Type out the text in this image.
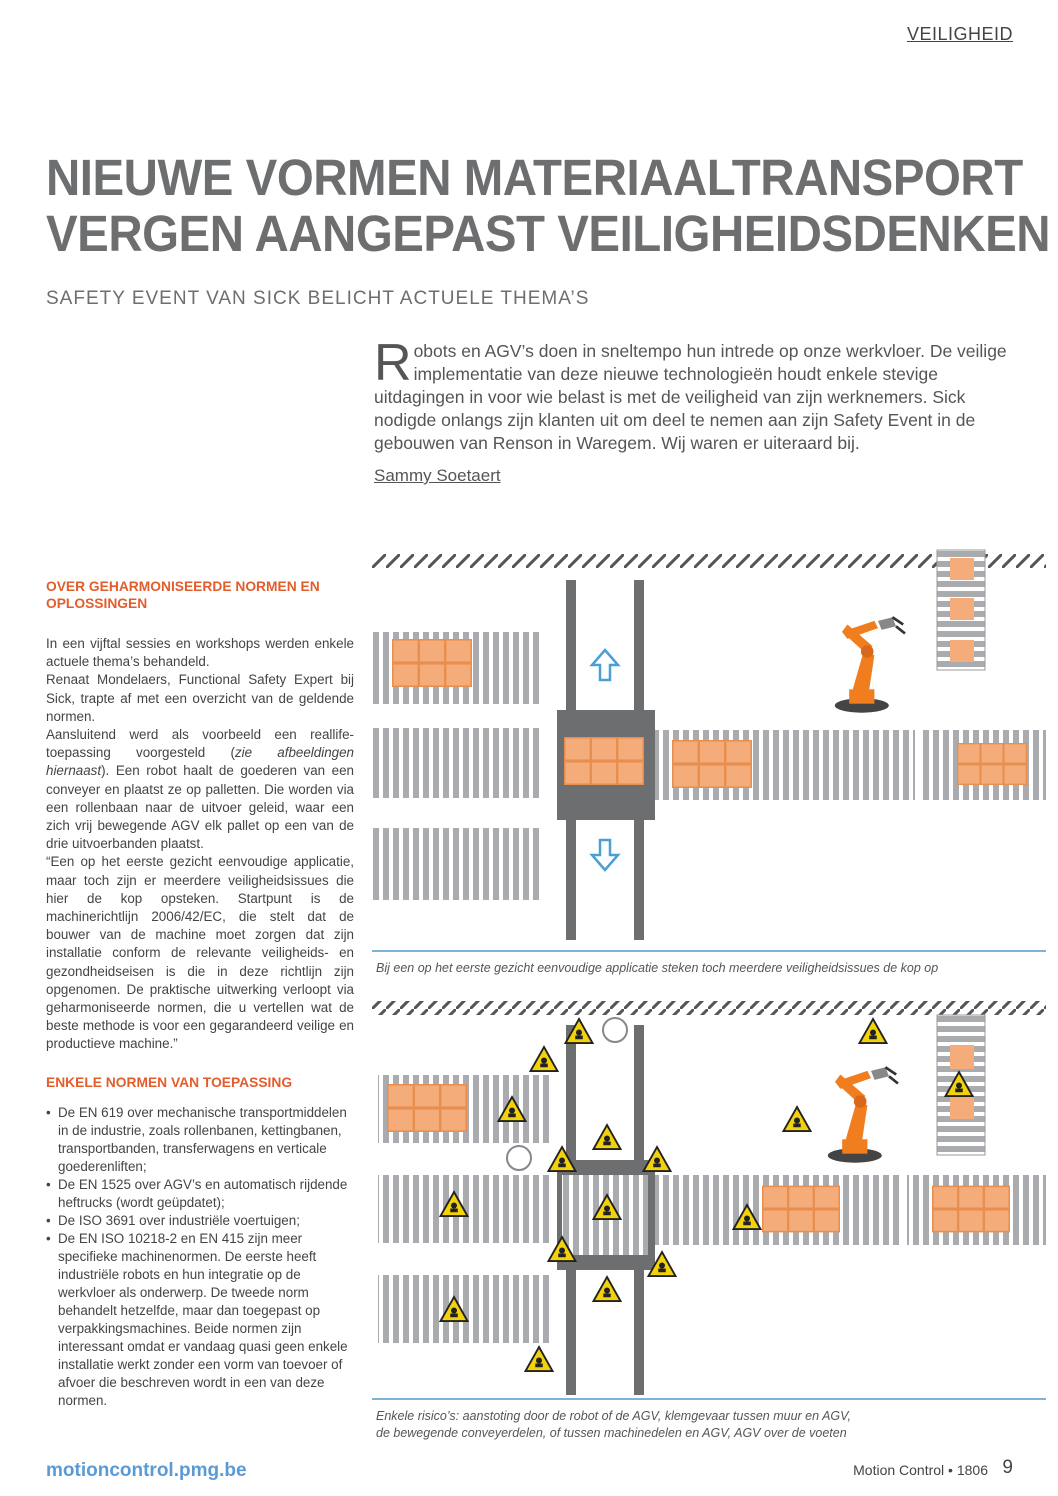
VEILIGHEID
NIEUWE VORMEN MATERIAALTRANSPORT
VERGEN AANGEPAST VEILIGHEIDSDENKEN
SAFETY EVENT VAN SICK BELICHT ACTUELE THEMA’S
Robots en AGV’s doen in sneltempo hun intrede op onze werkvloer. De veilige implementatie van deze nieuwe technologieën houdt enkele stevige uitdagingen in voor wie belast is met de veiligheid van zijn werknemers. Sick nodigde onlangs zijn klanten uit om deel te nemen aan zijn Safety Event in de gebouwen van Renson in Waregem. Wij waren er uiteraard bij.
Sammy Soetaert
OVER GEHARMONISEERDE NORMEN EN OPLOSSINGEN

In een vijftal sessies en workshops werden enkele actuele thema’s behandeld.

Renaat Mondelaers, Functional Safety Expert bij Sick, trapte af met een overzicht van de geldende normen.

Aansluitend werd als voorbeeld een reallife-toepassing voorgesteld (zie afbeeldingen hiernaast). Een robot haalt de goederen van een conveyer en plaatst ze op palletten. Die worden via een rollenbaan naar de uitvoer geleid, waar een zich vrij bewegende AGV elk pallet op een van de drie uitvoerbanden plaatst.

“Een op het eerste gezicht eenvoudige applicatie, maar toch zijn er meerdere veiligheidsissues die hier de kop opsteken. Startpunt is de machinerichtlijn 2006/42/EC, die stelt dat de bouwer van de machine moet zorgen dat zijn installatie conform de relevante veiligheids- en gezondheidseisen is die in deze richtlijn zijn opgenomen. De praktische uitwerking verloopt via geharmoniseerde normen, die u vertellen wat de beste methode is voor een gegarandeerd veilige en productieve machine.”

ENKELE NORMEN VAN TOEPASSING
• De EN 619 over mechanische transportmiddelen in de industrie, zoals rollenbanen, kettingbanen, transportbanden, transferwagens en verticale goederenliften;
• De EN 1525 over AGV’s en automatisch rijdende heftrucks (wordt geüpdatet);
• De ISO 3691 over industriële voertuigen;
• De EN ISO 10218-2 en EN 415 zijn meer specifieke machinenormen. De eerste heeft industriële robots en hun integratie op de werkvloer als onderwerp. De tweede norm behandelt hetzelfde, maar dan toegepast op verpakkingsmachines. Beide normen zijn interessant omdat er vandaag quasi geen enkele installatie werkt zonder een vorm van toevoer of afvoer die beschreven wordt in een van deze normen.
Bij een op het eerste gezicht eenvoudige applicatie steken toch meerdere veiligheidsissues de kop op
Enkele risico’s: aanstoting door de robot of de AGV, klemgevaar tussen muur en AGV,
de bewegende conveyerdelen, of tussen machinedelen en AGV, AGV over de voeten
motioncontrol.pmg.be	Motion Control • 1806 9
